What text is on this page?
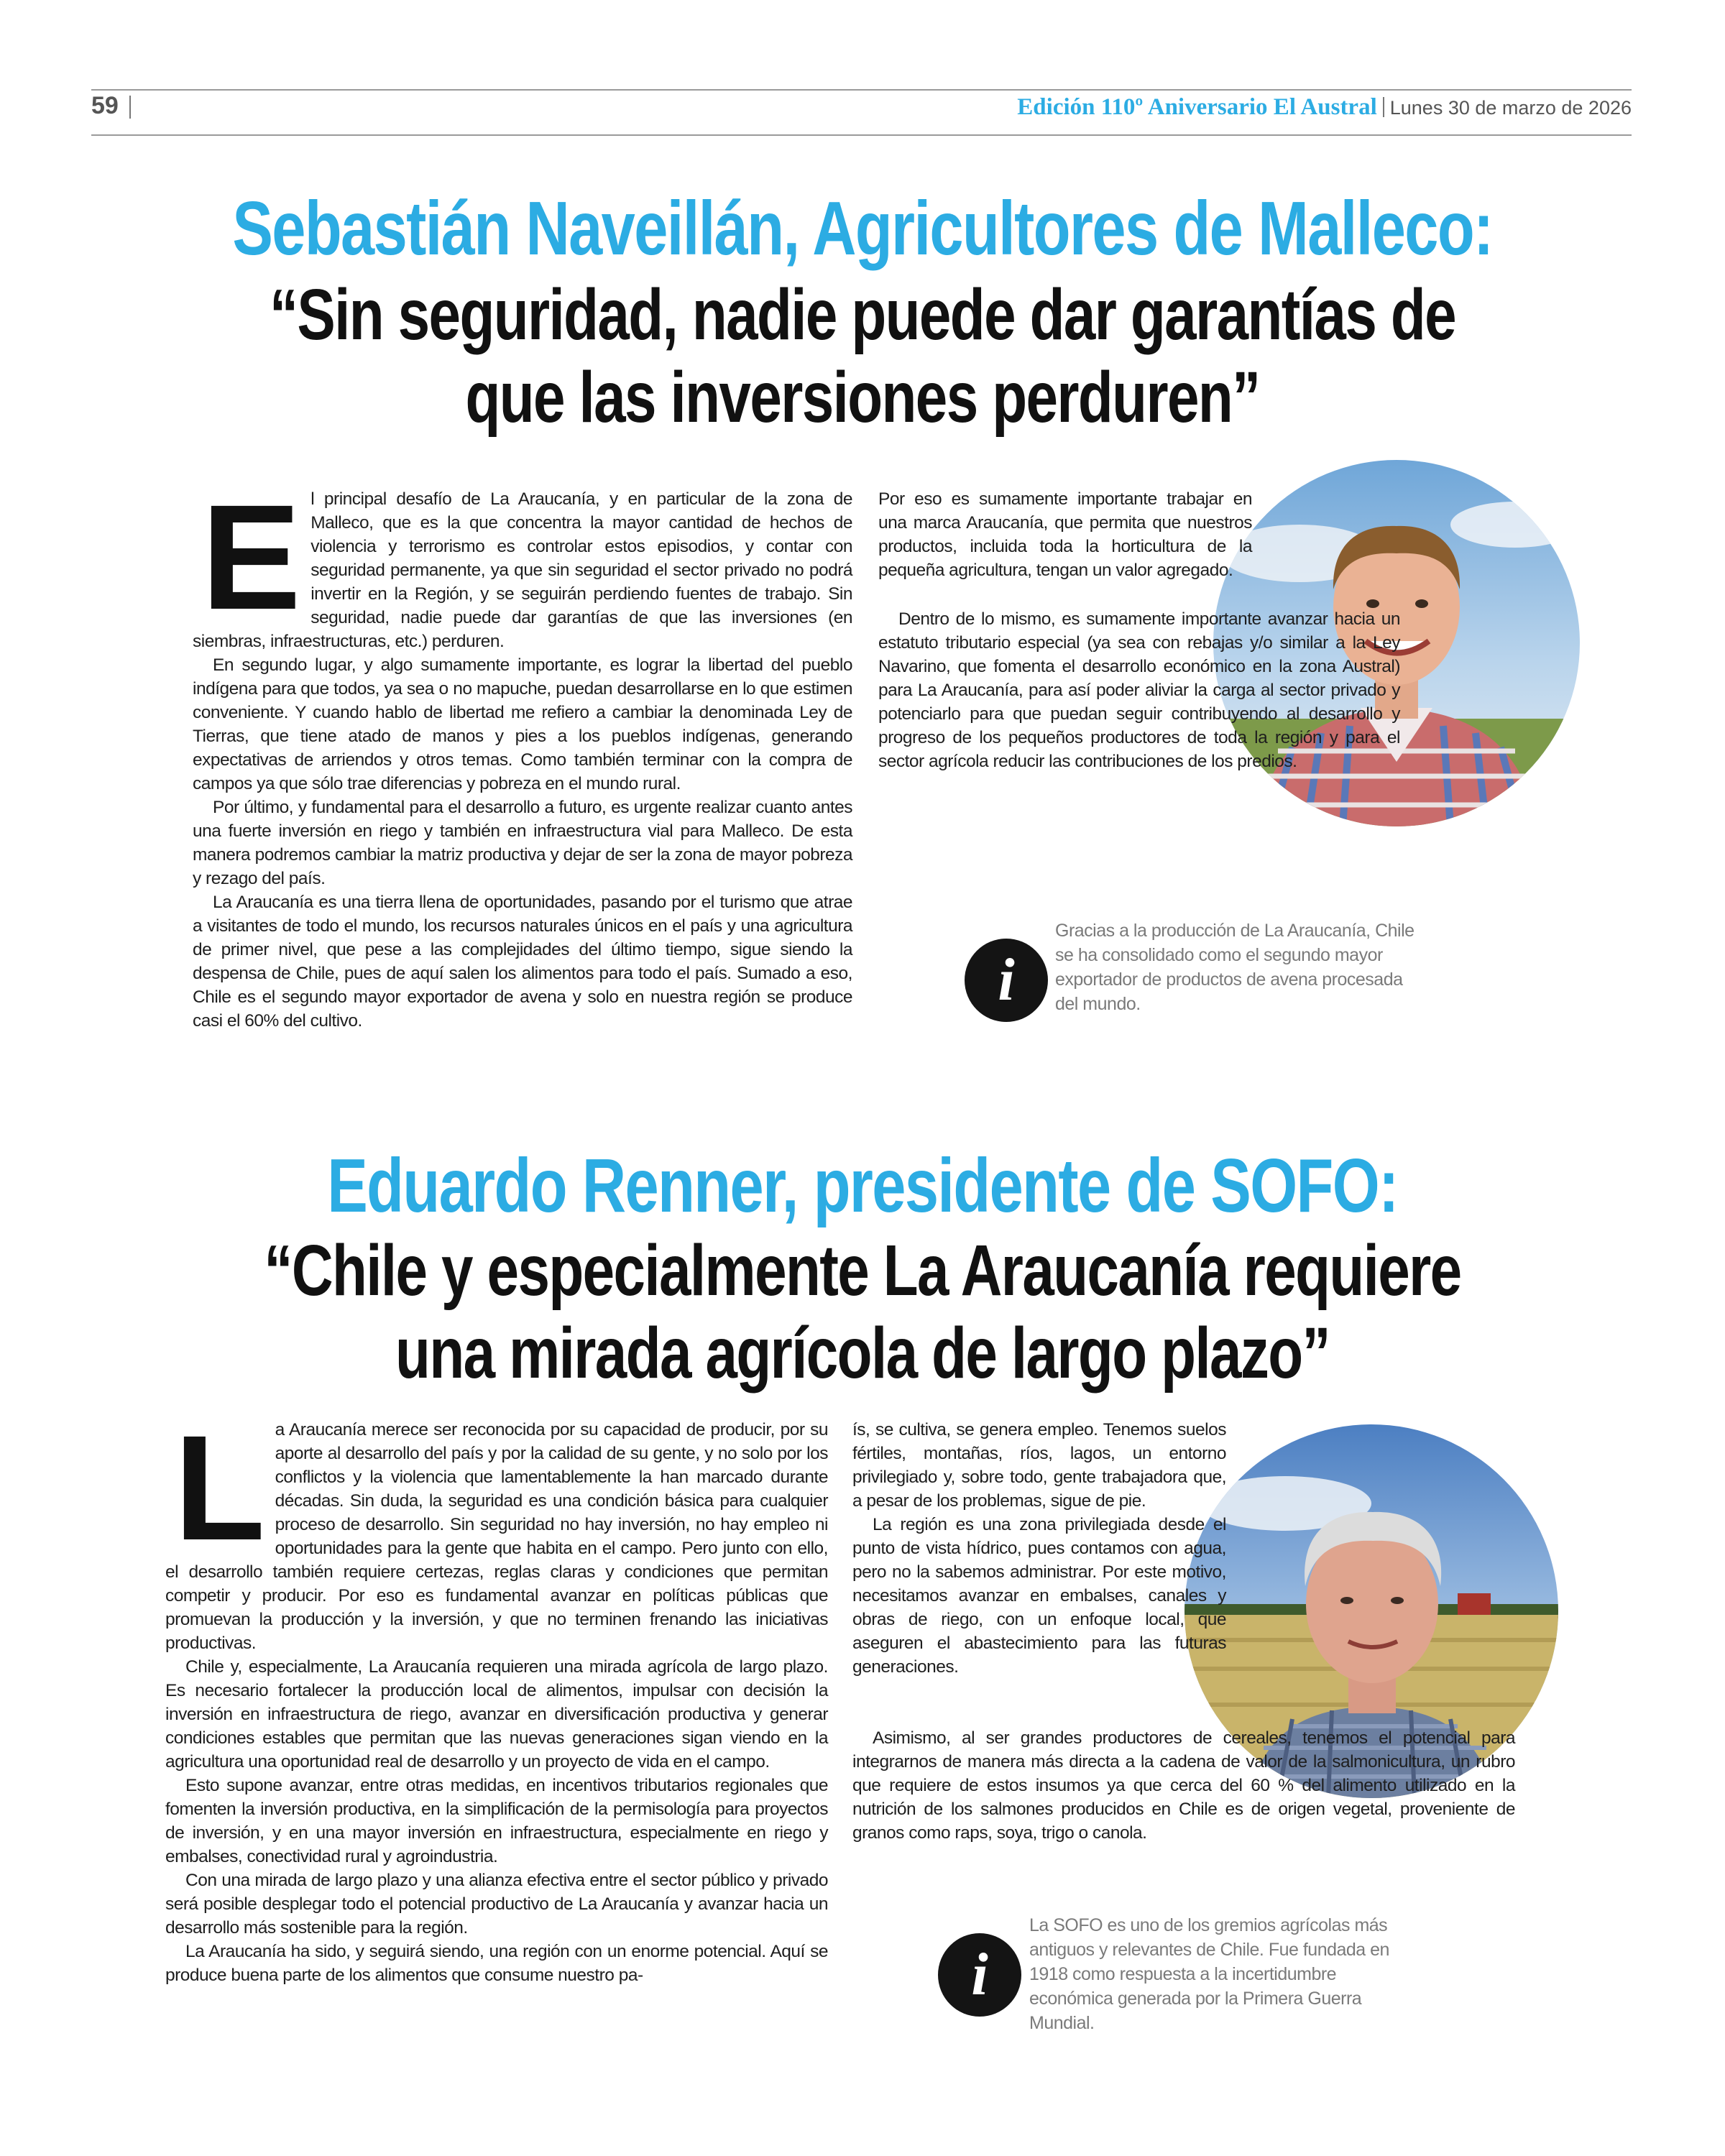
59	Edición 110º Aniversario El Austral Lunes 30 de marzo de 2026
Sebastián Naveillán, Agricultores de Malleco:
“Sin seguridad, nadie puede dar garantías de
que las inversiones perduren”

El principal desafío de La Araucanía, y en particular de la zona de Malleco, que es la que concentra la mayor cantidad de hechos de violencia y terrorismo es controlar estos episodios, y contar con seguridad permanente, ya que sin seguridad el sector privado no podrá invertir en la Región, y se seguirán perdiendo fuentes de trabajo. Sin seguridad, nadie puede dar garantías de que las inversiones (en siembras, infraestructuras, etc.) perduren.

En segundo lugar, y algo sumamente importante, es lograr la libertad del pueblo indígena para que todos, ya sea o no mapuche, puedan desarrollarse en lo que estimen conveniente. Y cuando hablo de libertad me refiero a cambiar la denominada Ley de Tierras, que tiene atado de manos y pies a los pueblos indígenas, generando expectativas de arriendos y otros temas. Como también terminar con la compra de campos ya que sólo trae diferencias y pobreza en el mundo rural.

Por último, y fundamental para el desarrollo a futuro, es urgente realizar cuanto antes una fuerte inversión en riego y también en infraestructura vial para Malleco. De esta manera podremos cambiar la matriz productiva y dejar de ser la zona de mayor pobreza y rezago del país.

La Araucanía es una tierra llena de oportunidades, pasando por el turismo que atrae a visitantes de todo el mundo, los recursos naturales únicos en el país y una agricultura de primer nivel, que pese a las complejidades del último tiempo, sigue siendo la despensa de Chile, pues de aquí salen los alimentos para todo el país. Sumado a eso, Chile es el segundo mayor exportador de avena y solo en nuestra región se produce casi el 60% del cultivo.

Por eso es sumamente importante trabajar en una marca Araucanía, que permita que nuestros productos, incluida toda la horticultura de la pequeña agricultura, tengan un valor agregado.

Dentro de lo mismo, es sumamente importante avanzar hacia un estatuto tributario especial (ya sea con rebajas y/o similar a la Ley Navarino, que fomenta el desarrollo económico en la zona Austral) para La Araucanía, para así poder aliviar la carga al sector privado y potenciarlo para que puedan seguir contribuyendo al desarrollo y progreso de los pequeños productores de toda la región y para el sector agrícola reducir las contribuciones de los predios.

i

Gracias a la producción de La Araucanía, Chile se ha consolidado como el segundo mayor exportador de productos de avena procesada del mundo.

Eduardo Renner, presidente de SOFO:
“Chile y especialmente La Araucanía requiere
una mirada agrícola de largo plazo”

La Araucanía merece ser reconocida por su capacidad de producir, por su aporte al desarrollo del país y por la calidad de su gente, y no solo por los conflictos y la violencia que lamentablemente la han marcado durante décadas. Sin duda, la seguridad es una condición básica para cualquier proceso de desarrollo. Sin seguridad no hay inversión, no hay empleo ni oportunidades para la gente que habita en el campo. Pero junto con ello, el desarrollo también requiere certezas, reglas claras y condiciones que permitan competir y producir. Por eso es fundamental avanzar en políticas públicas que promuevan la producción y la inversión, y que no terminen frenando las iniciativas productivas.

Chile y, especialmente, La Araucanía requieren una mirada agrícola de largo plazo. Es necesario fortalecer la producción local de alimentos, impulsar con decisión la inversión en infraestructura de riego, avanzar en diversificación productiva y generar condiciones estables que permitan que las nuevas generaciones sigan viendo en la agricultura una oportunidad real de desarrollo y un proyecto de vida en el campo.

Esto supone avanzar, entre otras medidas, en incentivos tributarios regionales que fomenten la inversión productiva, en la simplificación de la permisología para proyectos de inversión, y en una mayor inversión en infraestructura, especialmente en riego y embalses, conectividad rural y agroindustria.

Con una mirada de largo plazo y una alianza efectiva entre el sector público y privado será posible desplegar todo el potencial productivo de La Araucanía y avanzar hacia un desarrollo más sostenible para la región.

La Araucanía ha sido, y seguirá siendo, una región con un enorme potencial. Aquí se produce buena parte de los alimentos que consume nuestro pa-

ís, se cultiva, se genera empleo. Tenemos suelos fértiles, montañas, ríos, lagos, un entorno privilegiado y, sobre todo, gente trabajadora que, a pesar de los problemas, sigue de pie.

La región es una zona privilegiada desde el punto de vista hídrico, pues contamos con agua, pero no la sabemos administrar. Por este motivo, necesitamos avanzar en embalses, canales y obras de riego, con un enfoque local, que aseguren el abastecimiento para las futuras generaciones.

Asimismo, al ser grandes productores de cereales, tenemos el potencial para integrarnos de manera más directa a la cadena de valor de la salmonicultura, un rubro que requiere de estos insumos ya que cerca del 60 % del alimento utilizado en la nutrición de los salmones producidos en Chile es de origen vegetal, proveniente de granos como raps, soya, trigo o canola.

i

La SOFO es uno de los gremios agrícolas más antiguos y relevantes de Chile. Fue fundada en 1918 como respuesta a la incertidumbre económica generada por la Primera Guerra Mundial.
